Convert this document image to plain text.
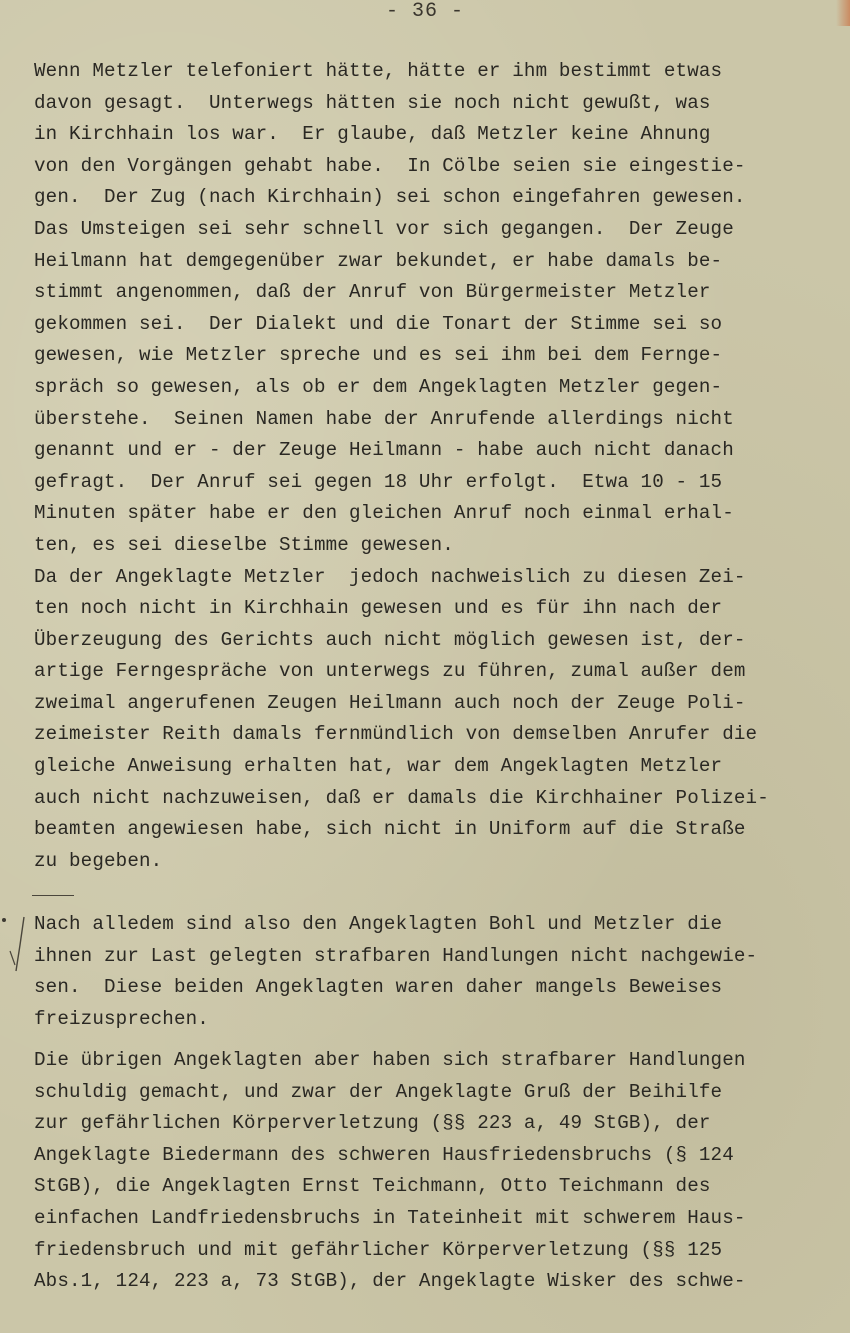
- 36 -
Wenn Metzler telefoniert hätte, hätte er ihm bestimmt etwas
davon gesagt.  Unterwegs hätten sie noch nicht gewußt, was
in Kirchhain los war.  Er glaube, daß Metzler keine Ahnung
von den Vorgängen gehabt habe.  In Cölbe seien sie eingestie-
gen.  Der Zug (nach Kirchhain) sei schon eingefahren gewesen.
Das Umsteigen sei sehr schnell vor sich gegangen.  Der Zeuge
Heilmann hat demgegenüber zwar bekundet, er habe damals be-
stimmt angenommen, daß der Anruf von Bürgermeister Metzler
gekommen sei.  Der Dialekt und die Tonart der Stimme sei so
gewesen, wie Metzler spreche und es sei ihm bei dem Fernge-
spräch so gewesen, als ob er dem Angeklagten Metzler gegen-
überstehe.  Seinen Namen habe der Anrufende allerdings nicht
genannt und er - der Zeuge Heilmann - habe auch nicht danach
gefragt.  Der Anruf sei gegen 18 Uhr erfolgt.  Etwa 10 - 15
Minuten später habe er den gleichen Anruf noch einmal erhal-
ten, es sei dieselbe Stimme gewesen.
Da der Angeklagte Metzler  jedoch nachweislich zu diesen Zei-
ten noch nicht in Kirchhain gewesen und es für ihn nach der
Überzeugung des Gerichts auch nicht möglich gewesen ist, der-
artige Ferngespräche von unterwegs zu führen, zumal außer dem
zweimal angerufenen Zeugen Heilmann auch noch der Zeuge Poli-
zeimeister Reith damals fernmündlich von demselben Anrufer die
gleiche Anweisung erhalten hat, war dem Angeklagten Metzler
auch nicht nachzuweisen, daß er damals die Kirchhainer Polizei-
beamten angewiesen habe, sich nicht in Uniform auf die Straße
zu begeben.
Nach alledem sind also den Angeklagten Bohl und Metzler die
ihnen zur Last gelegten strafbaren Handlungen nicht nachgewie-
sen.  Diese beiden Angeklagten waren daher mangels Beweises
freizusprechen.
Die übrigen Angeklagten aber haben sich strafbarer Handlungen
schuldig gemacht, und zwar der Angeklagte Gruß der Beihilfe
zur gefährlichen Körperverletzung (§§ 223 a, 49 StGB), der
Angeklagte Biedermann des schweren Hausfriedensbruchs (§ 124
StGB), die Angeklagten Ernst Teichmann, Otto Teichmann des
einfachen Landfriedensbruchs in Tateinheit mit schwerem Haus-
friedensbruch und mit gefährlicher Körperverletzung (§§ 125
Abs.1, 124, 223 a, 73 StGB), der Angeklagte Wisker des schwe-
